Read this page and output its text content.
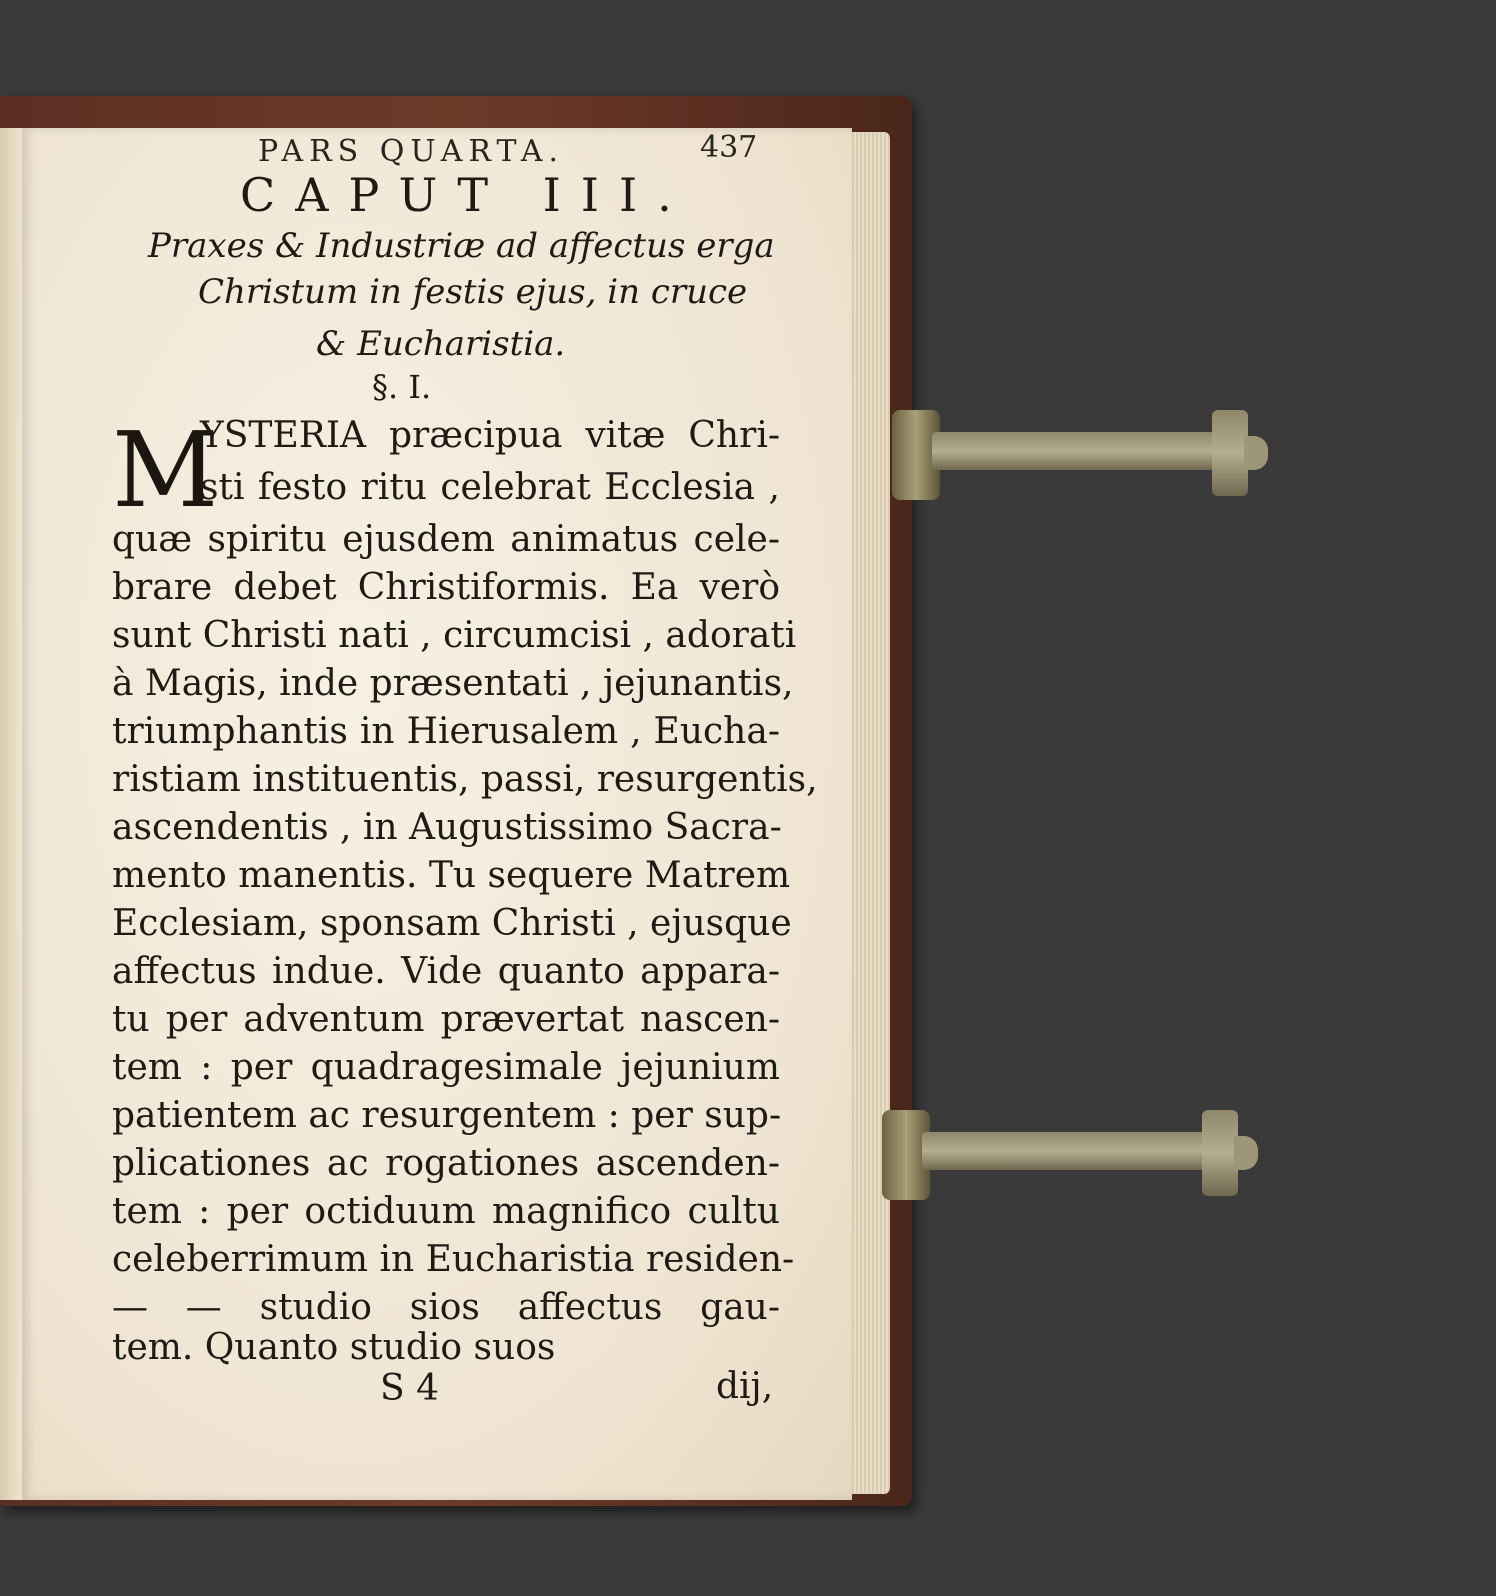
PARS QUARTA.	437
CAPUT III.
Praxes & Industriæ ad affectus erga
Christum in festis ejus, in cruce
& Eucharistia.
§. I.
M
YSTERIA præcipua vitæ Chri-
sti festo ritu celebrat Ecclesia ,
quæ spiritu ejusdem animatus cele-
brare debet Christiformis. Ea verò
sunt Christi nati , circumcisi , adorati
à Magis, inde præsentati , jejunantis,
triumphantis in Hierusalem , Eucha-
ristiam instituentis, passi, resurgentis,
ascendentis , in Augustissimo Sacra-
mento manentis. Tu sequere Matrem
Ecclesiam, sponsam Christi , ejusque
affectus indue. Vide quanto appara-
tu per adventum prævertat nascen-
tem : per quadragesimale jejunium
patientem ac resurgentem : per sup-
plicationes ac rogationes ascenden-
tem : per octiduum magnifico cultu
celeberrimum in Eucharistia residen-
— — studio sios affectus gau-
tem. Quanto studio suos
S 4	dij,
